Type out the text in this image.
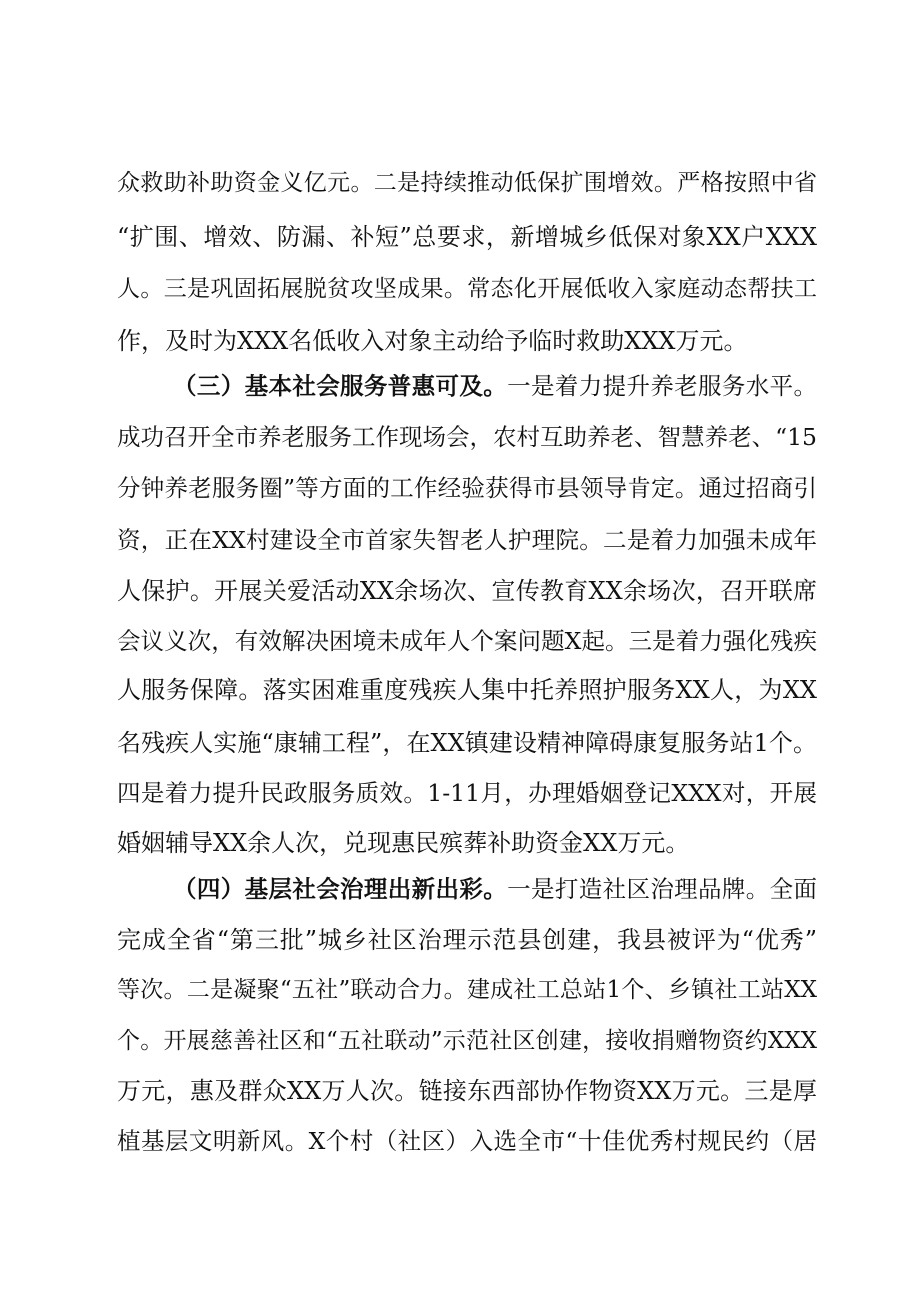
众救助补助资金义亿元。二是持续推动低保扩围增效。严格按照中省
“扩围、增效、防漏、补短”总要求，新增城乡低保对象XX户XXX
人。三是巩固拓展脱贫攻坚成果。常态化开展低收入家庭动态帮扶工
作，及时为XXX名低收入对象主动给予临时救助XXX万元。
（三）基本社会服务普惠可及。一是着力提升养老服务水平。
成功召开全市养老服务工作现场会，农村互助养老、智慧养老、“15
分钟养老服务圈”等方面的工作经验获得市县领导肯定。通过招商引
资，正在XX村建设全市首家失智老人护理院。二是着力加强未成年
人保护。开展关爱活动XX余场次、宣传教育XX余场次，召开联席
会议义次，有效解决困境未成年人个案问题X起。三是着力强化残疾
人服务保障。落实困难重度残疾人集中托养照护服务XX人，为XX
名残疾人实施“康辅工程”，在XX镇建设精神障碍康复服务站1个。
四是着力提升民政服务质效。1-11月，办理婚姻登记XXX对，开展
婚姻辅导XX余人次，兑现惠民殡葬补助资金XX万元。
（四）基层社会治理出新出彩。一是打造社区治理品牌。全面
完成全省“第三批”城乡社区治理示范县创建，我县被评为“优秀”
等次。二是凝聚“五社”联动合力。建成社工总站1个、乡镇社工站XX
个。开展慈善社区和“五社联动”示范社区创建，接收捐赠物资约XXX
万元，惠及群众XX万人次。链接东西部协作物资XX万元。三是厚
植基层文明新风。X个村（社区）入选全市“十佳优秀村规民约（居
